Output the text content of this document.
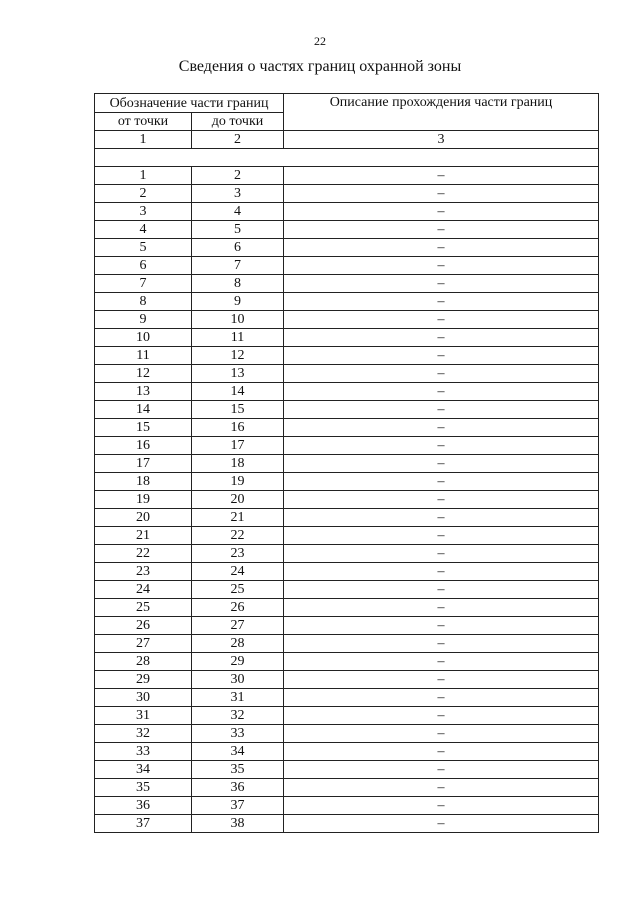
22
Сведения о частях границ охранной зоны
Обозначение части границ		Описание прохождения части границ
от точки	до точки	
1	2	3

1	2	–
2	3	–
3	4	–
4	5	–
5	6	–
6	7	–
7	8	–
8	9	–
9	10	–
10	11	–
11	12	–
12	13	–
13	14	–
14	15	–
15	16	–
16	17	–
17	18	–
18	19	–
19	20	–
20	21	–
21	22	–
22	23	–
23	24	–
24	25	–
25	26	–
26	27	–
27	28	–
28	29	–
29	30	–
30	31	–
31	32	–
32	33	–
33	34	–
34	35	–
35	36	–
36	37	–
37	38	–
